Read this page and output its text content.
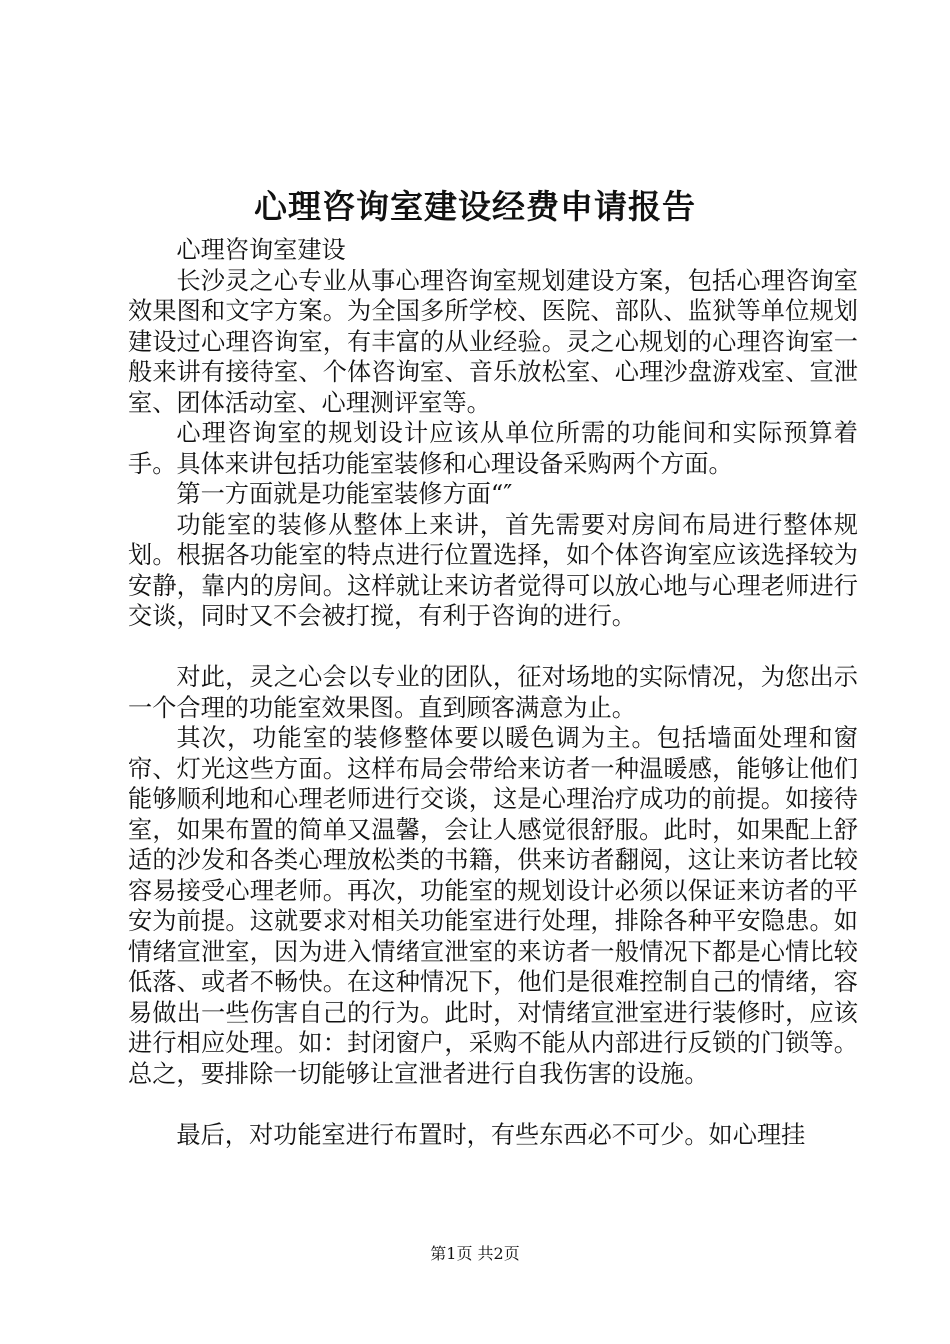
心理咨询室建设经费申请报告

心理咨询室建设

长沙灵之心专业从事心理咨询室规划建设方案，包括心理咨询室效果图和文字方案。为全国多所学校、医院、部队、监狱等单位规划建设过心理咨询室，有丰富的从业经验。灵之心规划的心理咨询室一般来讲有接待室、个体咨询室、音乐放松室、心理沙盘游戏室、宣泄室、团体活动室、心理测评室等。

心理咨询室的规划设计应该从单位所需的功能间和实际预算着手。具体来讲包括功能室装修和心理设备采购两个方面。

第一方面就是功能室装修方面“″

功能室的装修从整体上来讲，首先需要对房间布局进行整体规划。根据各功能室的特点进行位置选择，如个体咨询室应该选择较为安静，靠内的房间。这样就让来访者觉得可以放心地与心理老师进行交谈，同时又不会被打搅，有利于咨询的进行。

对此，灵之心会以专业的团队，征对场地的实际情况，为您出示一个合理的功能室效果图。直到顾客满意为止。

其次，功能室的装修整体要以暖色调为主。包括墙面处理和窗帘、灯光这些方面。这样布局会带给来访者一种温暖感，能够让他们能够顺利地和心理老师进行交谈，这是心理治疗成功的前提。如接待室，如果布置的简单又温馨，会让人感觉很舒服。此时，如果配上舒适的沙发和各类心理放松类的书籍，供来访者翻阅，这让来访者比较容易接受心理老师。再次，功能室的规划设计必须以保证来访者的平安为前提。这就要求对相关功能室进行处理，排除各种平安隐患。如情绪宣泄室，因为进入情绪宣泄室的来访者一般情况下都是心情比较低落、或者不畅快。在这种情况下，他们是很难控制自己的情绪，容易做出一些伤害自己的行为。此时，对情绪宣泄室进行装修时，应该进行相应处理。如：封闭窗户，采购不能从内部进行反锁的门锁等。总之，要排除一切能够让宣泄者进行自我伤害的设施。

最后，对功能室进行布置时，有些东西必不可少。如心理挂

第1页 共2页
